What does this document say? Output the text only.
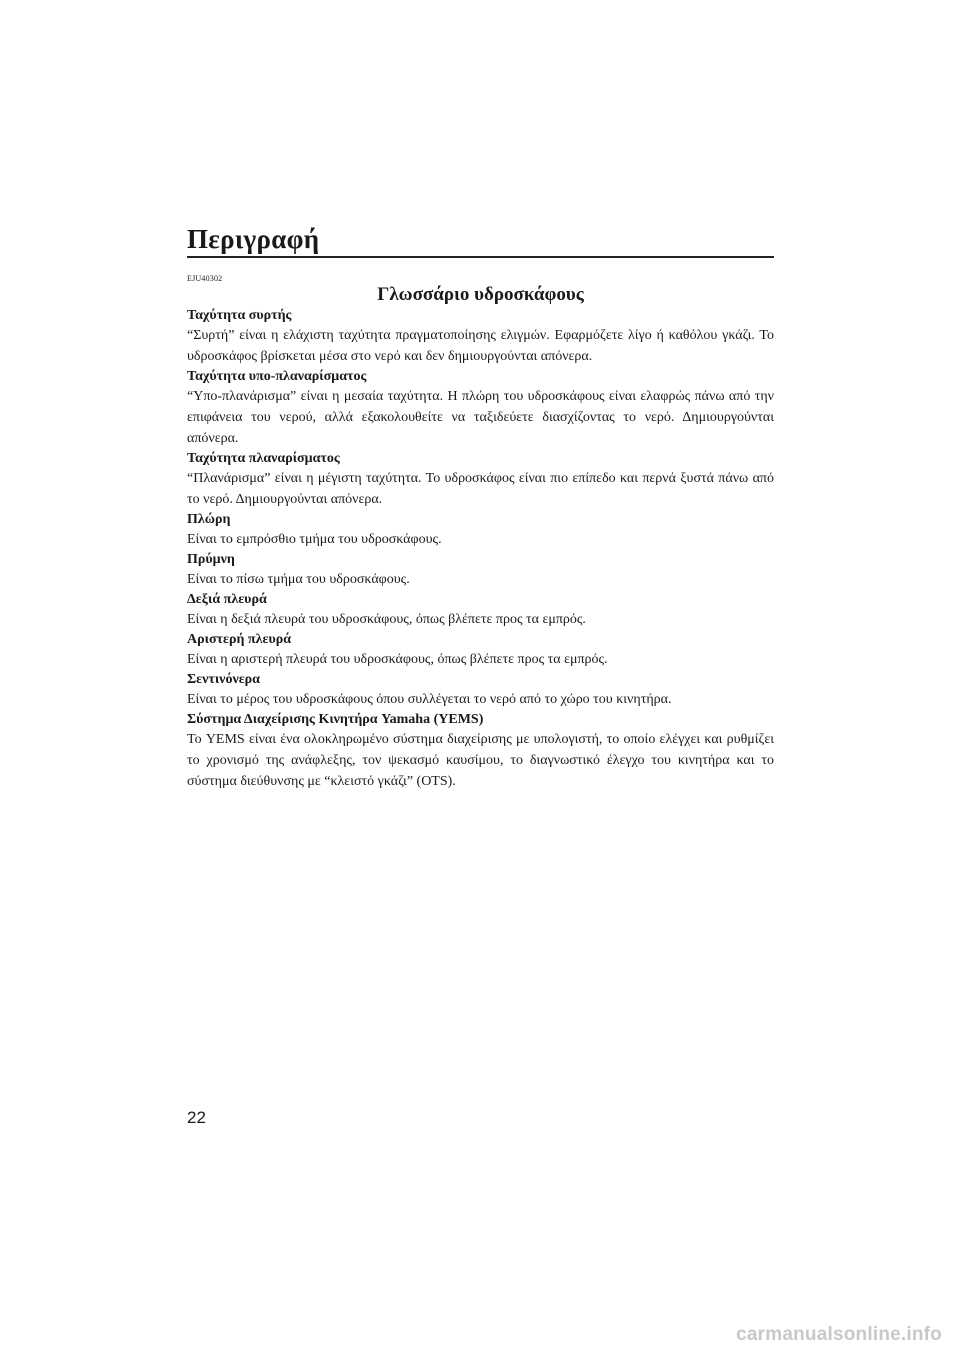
Περιγραφή
EJU40302
Γλωσσάριο υδροσκάφους
Ταχύτητα συρτής

“Συρτή” είναι η ελάχιστη ταχύτητα πραγματοποίησης ελιγμών. Εφαρμόζετε λίγο ή καθόλου γκάζι. Το υδροσκάφος βρίσκεται μέσα στο νερό και δεν δημιουργούνται απόνερα.

Ταχύτητα υπο-πλαναρίσματος

“Υπο-πλανάρισμα” είναι η μεσαία ταχύτητα. Η πλώρη του υδροσκάφους είναι ελαφρώς πάνω από την επιφάνεια του νερού, αλλά εξακολουθείτε να ταξιδεύετε διασχίζοντας το νερό. Δημιουργούνται απόνερα.

Ταχύτητα πλαναρίσματος

“Πλανάρισμα” είναι η μέγιστη ταχύτητα. Το υδροσκάφος είναι πιο επίπεδο και περνά ξυστά πάνω από το νερό. Δημιουργούνται απόνερα.

Πλώρη

Είναι το εμπρόσθιο τμήμα του υδροσκάφους.

Πρύμνη

Είναι το πίσω τμήμα του υδροσκάφους.

Δεξιά πλευρά

Είναι η δεξιά πλευρά του υδροσκάφους, όπως βλέπετε προς τα εμπρός.

Αριστερή πλευρά

Είναι η αριστερή πλευρά του υδροσκάφους, όπως βλέπετε προς τα εμπρός.

Σεντινόνερα

Είναι το μέρος του υδροσκάφους όπου συλλέγεται το νερό από το χώρο του κινητήρα.

Σύστημα Διαχείρισης Κινητήρα Yamaha (YEMS)

Το YEMS είναι ένα ολοκληρωμένο σύστημα διαχείρισης με υπολογιστή, το οποίο ελέγχει και ρυθμίζει το χρονισμό της ανάφλεξης, τον ψεκασμό καυσίμου, το διαγνωστικό έλεγχο του κινητήρα και το σύστημα διεύθυνσης με “κλειστό γκάζι” (OTS).

22
carmanualsonline.info
